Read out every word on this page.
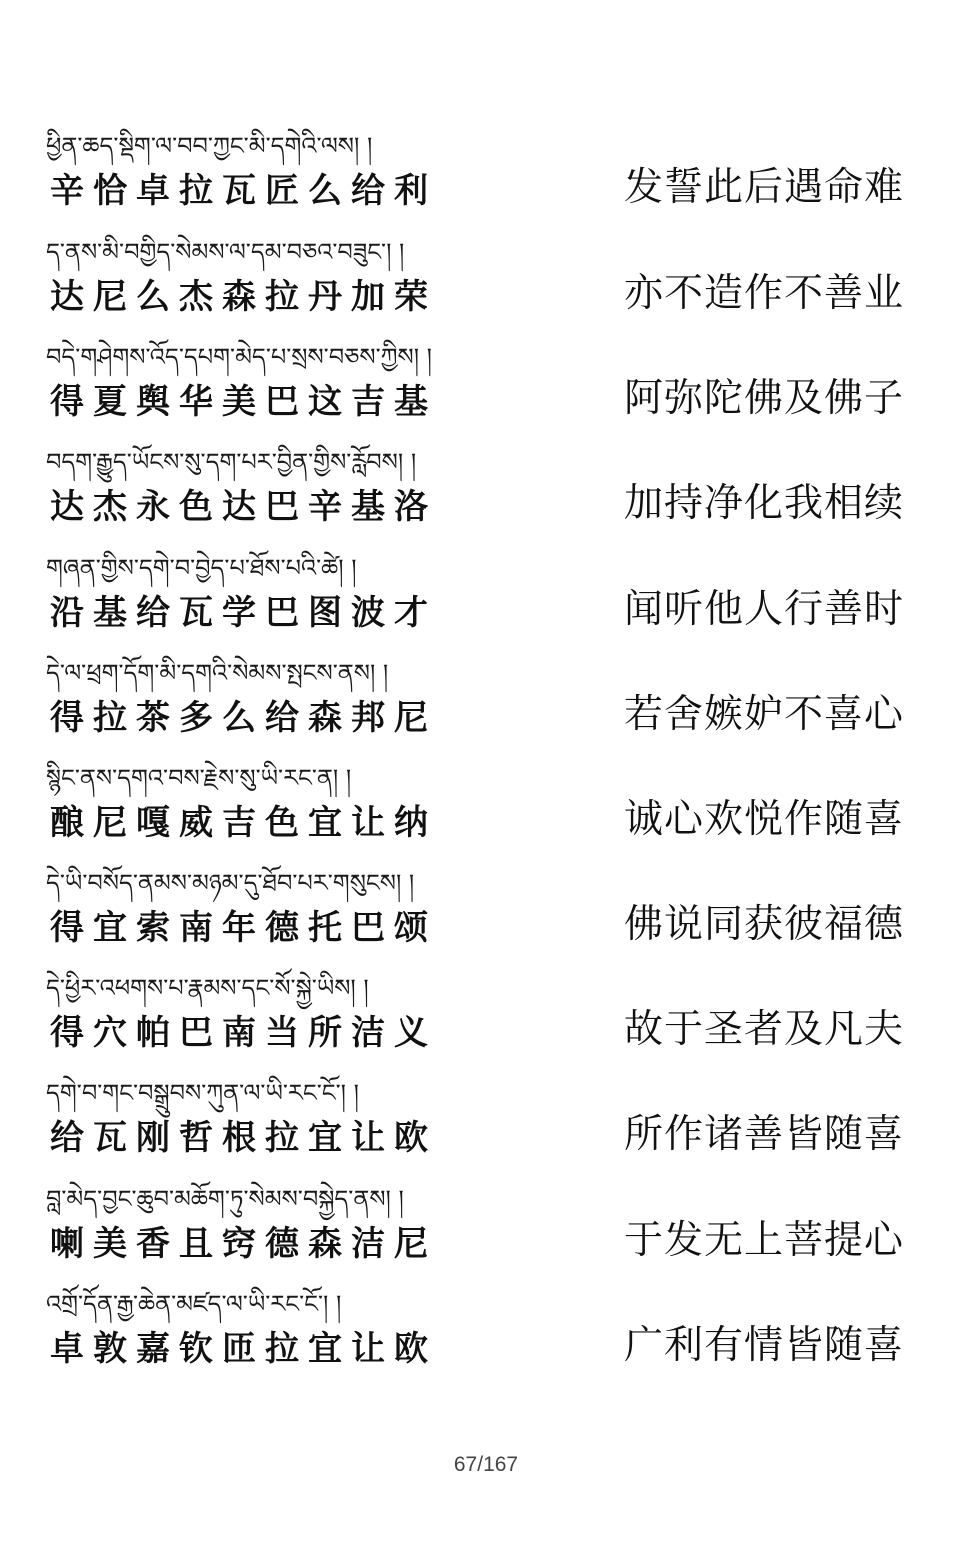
ཕྱིན་ཆད་སྡིག་ལ་བབ་ཀྱང་མི་དགེའི་ལས། །
辛恰卓拉瓦匠么给利	发誓此后遇命难
ད་ནས་མི་བགྱིད་སེམས་ལ་དམ་བཅའ་བཟུང་། །
达尼么杰森拉丹加荣	亦不造作不善业
བདེ་གཤེགས་འོད་དཔག་མེད་པ་སྲས་བཅས་ཀྱིས། །
得夏舆华美巴这吉基	阿弥陀佛及佛子
བདག་རྒྱུད་ཡོངས་སུ་དག་པར་བྱིན་གྱིས་རློབས། །
达杰永色达巴辛基洛	加持净化我相续
གཞན་གྱིས་དགེ་བ་བྱེད་པ་ཐོས་པའི་ཚེ། །
沿基给瓦学巴图波才	闻听他人行善时
དེ་ལ་ཕྲག་དོག་མི་དགའི་སེམས་སྤངས་ནས། །
得拉茶多么给森邦尼	若舍嫉妒不喜心
སྙིང་ནས་དགའ་བས་རྗེས་སུ་ཡི་རང་ན། །
酿尼嘎威吉色宜让纳	诚心欢悦作随喜
དེ་ཡི་བསོད་ནམས་མཉམ་དུ་ཐོབ་པར་གསུངས། །
得宜索南年德托巴颂	佛说同获彼福德
དེ་ཕྱིར་འཕགས་པ་རྣམས་དང་སོ་སྐྱེ་ཡིས། །
得穴帕巴南当所洁义	故于圣者及凡夫
དགེ་བ་གང་བསྒྲུབས་ཀུན་ལ་ཡི་རང་ངོ་། །
给瓦刚哲根拉宜让欧	所作诸善皆随喜
བླ་མེད་བྱང་ཆུབ་མཆོག་ཏུ་སེམས་བསྐྱེད་ནས། །
喇美香且窍德森洁尼	于发无上菩提心
འགྲོ་དོན་རྒྱ་ཆེན་མཛད་ལ་ཡི་རང་ངོ་། །
卓敦嘉钦匝拉宜让欧	广利有情皆随喜
67/167
